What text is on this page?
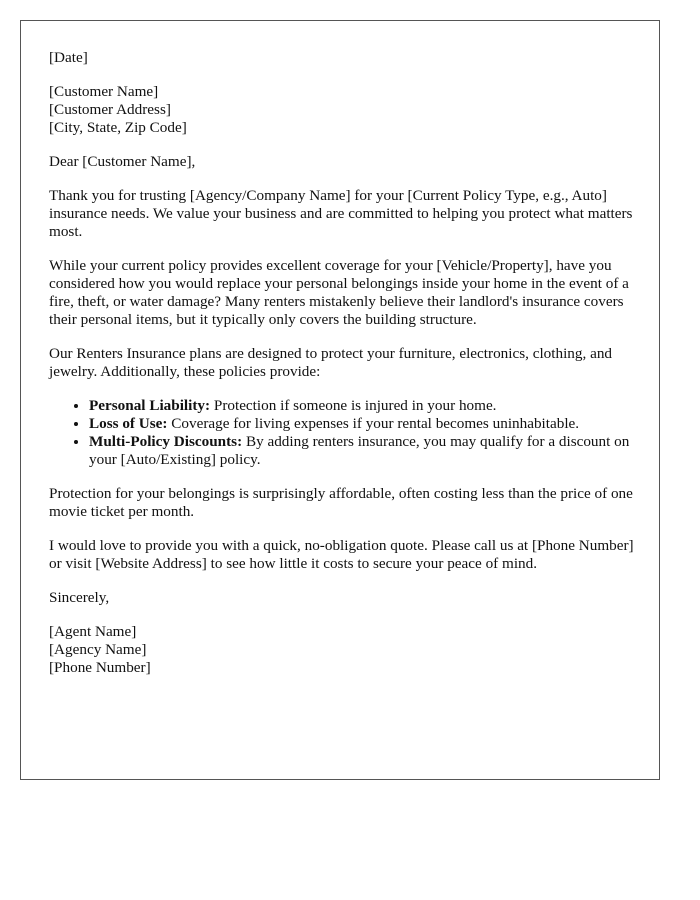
[Date]

[Customer Name]
[Customer Address]
[City, State, Zip Code]

Dear [Customer Name],

Thank you for trusting [Agency/Company Name] for your [Current Policy Type, e.g., Auto] insurance needs. We value your business and are committed to helping you protect what matters most.

While your current policy provides excellent coverage for your [Vehicle/Property], have you considered how you would replace your personal belongings inside your home in the event of a fire, theft, or water damage? Many renters mistakenly believe their landlord's insurance covers their personal items, but it typically only covers the building structure.

Our Renters Insurance plans are designed to protect your furniture, electronics, clothing, and jewelry. Additionally, these policies provide:

• Personal Liability: Protection if someone is injured in your home.
• Loss of Use: Coverage for living expenses if your rental becomes uninhabitable.
• Multi-Policy Discounts: By adding renters insurance, you may qualify for a discount on your [Auto/Existing] policy.

Protection for your belongings is surprisingly affordable, often costing less than the price of one movie ticket per month.

I would love to provide you with a quick, no-obligation quote. Please call us at [Phone Number] or visit [Website Address] to see how little it costs to secure your peace of mind.

Sincerely,

[Agent Name]
[Agency Name]
[Phone Number]
